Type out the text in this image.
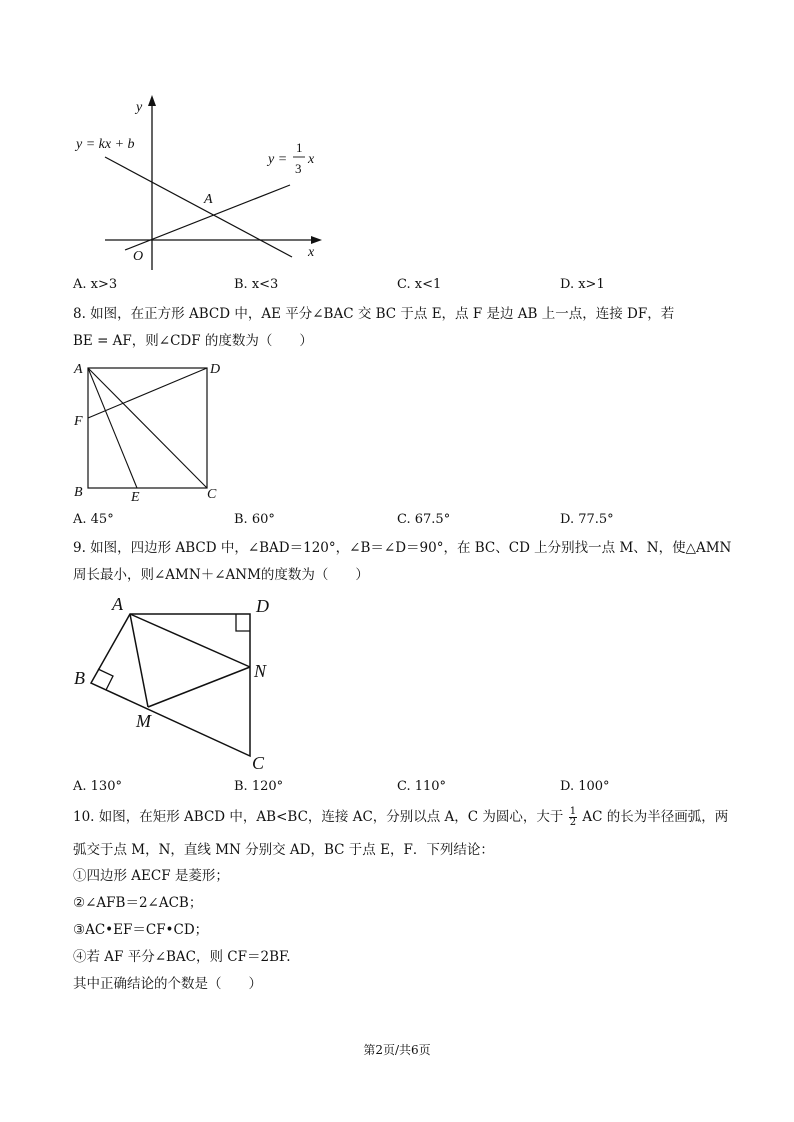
y
x
O
y = kx + b
y =
1
3
x
A
A. x>3	B. x<3	C. x<1	D. x>1
8. 如图，在正方形 ABCD 中，AE 平分∠BAC 交 BC 于点 E，点 F 是边 AB 上一点，连接 DF，若
BE = AF，则∠CDF 的度数为（　　）
A	D
F
B	E	C
A. 45°	B. 60°	C. 67.5°	D. 77.5°
9. 如图，四边形 ABCD 中，∠BAD＝120°，∠B＝∠D＝90°，在 BC、CD 上分别找一点 M、N，使△AMN
周长最小，则∠AMN＋∠ANM的度数为（　　）
A	D
B	N
M
C
A. 130°	B. 120°	C. 110°	D. 100°
10. 如图，在矩形 ABCD 中，AB<BC，连接 AC，分别以点 A，C 为圆心，大于 $\frac{1}{2}$ AC 的长为半径画弧，两
弧交于点 M，N，直线 MN 分别交 AD，BC 于点 E，F．下列结论：
①四边形 AECF 是菱形；
②∠AFB＝2∠ACB；
③AC•EF＝CF•CD；
④若 AF 平分∠BAC，则 CF＝2BF.
其中正确结论的个数是（　　）
第2页/共6页
